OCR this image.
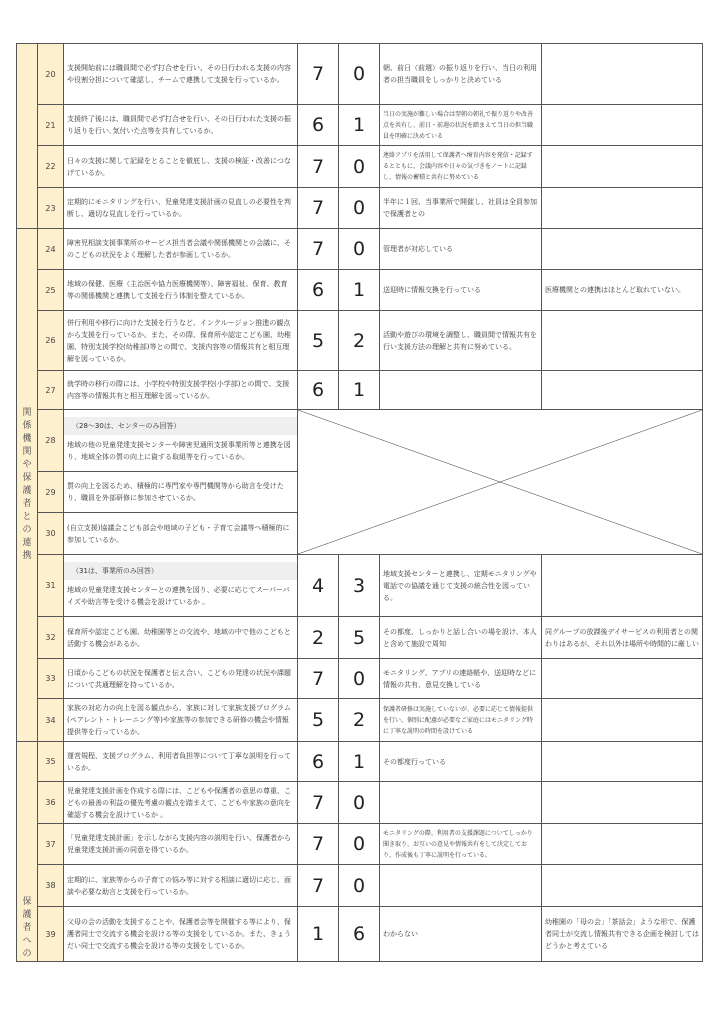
	20	支援開始前には職員間で必ず打合せを行い、その日行われる支援の内容や役割分担について確認し、チームで連携して支援を行っているか。	7	0	朝、前日（前週）の振り返りを行い、当日の利用者の担当職員をしっかりと決めている	
	21	支援終了後には、職員間で必ず打合せを行い、その日行われた支援の振り返りを行い､気付いた点等を共有しているか。	6	1	当日の実施が難しい場合は翌朝の朝礼で振り返りや改善点を共有し、前日・前週の状況を踏まえて当日の担当職員を明確に決めている	
	22	日々の支援に関して記録をとることを徹底し、支援の検証・改善につなげているか。	7	0	連絡アプリを活用して保護者へ療育内容を発信・記録するとともに、会議内容や日々の気づきをノートに記録し、情報の蓄積と共有に努めている	
	23	定期的にモニタリングを行い、児童発達支援計画の見直しの必要性を判断し、適切な見直しを行っているか。	7	0	半年に１回、当事業所で開催し、社員は全員参加で保護者との	
関係機関や保護者との連携	24	障害児相談支援事業所のサービス担当者会議や関係機関との会議に、そのこどもの状況をよく理解した者が参画しているか。	7	0	管理者が対応している	
	25	地域の保健、医療（主治医や協力医療機関等）、障害福祉、保育、教育等の関係機関と連携して支援を行う体制を整えているか。	6	1	送迎時に情報交換を行っている	医療機関との連携はほとんど取れていない。
	26	併行利用や移行に向けた支援を行うなど、インクルージョン推進の観点から支援を行っているか。また、その際、保育所や認定こども園、幼稚園、特別支援学校(幼稚部)等との間で、支援内容等の情報共有と相互理解を図っているか。	5	2	活動や遊びの環境を調整し、職員間で情報共有を行い支援方法の理解と共有に努めている。	
	27	就学時の移行の際には、小学校や特別支援学校(小学部)との間で、支援内容等の情報共有と相互理解を図っているか。	6	1		
	28	（28～30は、センターのみ回答）
地域の他の児童発達支援センターや障害児通所支援事業所等と連携を図り、地域全体の質の向上に資する取組等を行っているか。	

	29	質の向上を図るため、積極的に専門家や専門機関等から助言を受けたり、職員を外部研修に参加させているか。				
	30	(自立支援)協議会こども部会や地域の子ども・子育て会議等へ積極的に参加しているか。				
	31	（31は、事業所のみ回答）
地域の児童発達支援センターとの連携を図り、必要に応じてスーパーバイズや助言等を受ける機会を設けているか 。	4	3	地域支援センターと連携し、定期モニタリングや電話での協議を通じて支援の統合性を図っている。	
	32	保育所や認定こども園、幼稚園等との交流や、地域の中で他のこどもと活動する機会があるか。	2	5	その都度、しっかりと話し合いの場を設け、本人と含めて施設で周知	同グループの放課後デイサービスの利用者との関わりはあるが、それ以外は場所や時間的に厳しい
	33	日頃からこどもの状況を保護者と伝え合い、こどもの発達の状況や課題について共通理解を持っているか。	7	0	モニタリング、アプリの連絡帳や、送迎時などに情報の共有、意見交換している	
	34	家族の対応力の向上を図る観点から、家族に対して家族支援プログラム(ペアレント・トレーニング等)や家族等の参加できる研修の機会や情報提供等を行っているか。	5	2	保護者研修は実施していないが、必要に応じて情報提供を行い、個別に配慮が必要なご家庭にはモニタリング時に丁寧な説明の時間を設けている	
保護者への	35	運営規程、支援プログラム、利用者負担等について丁寧な説明を行っているか。	6	1	その都度行っている	
	36	児童発達支援計画を作成する際には、こどもや保護者の意思の尊重、こどもの最善の利益の優先考慮の観点を踏まえて、こどもや家族の意向を確認する機会を設けているか 。	7	0		
	37	「児童発達支援計画」を示しながら支援内容の説明を行い、保護者から児童発達支援計画の同意を得ているか。	7	0	モニタリングの際、利用者の支援課題についてしっかり聞き取り、お互いの意見や情報共有をして決定しており、作成後も丁寧に説明を行っている。	
	38	定期的に、家族等からの子育ての悩み等に対する相談に適切に応じ、面談や必要な助言と支援を行っているか。	7	0		
	39	父母の会の活動を支援することや、保護者会等を開催する等により、保護者同士で交流する機会を設ける等の支援をしているか。また、きょうだい同士で交流する機会を設ける等の支援をしているか。	1	6	わからない	幼稚園の「母の会」「茶話会」ような形で、保護者同士が交流し情報共有できる企画を検討してはどうかと考えている
